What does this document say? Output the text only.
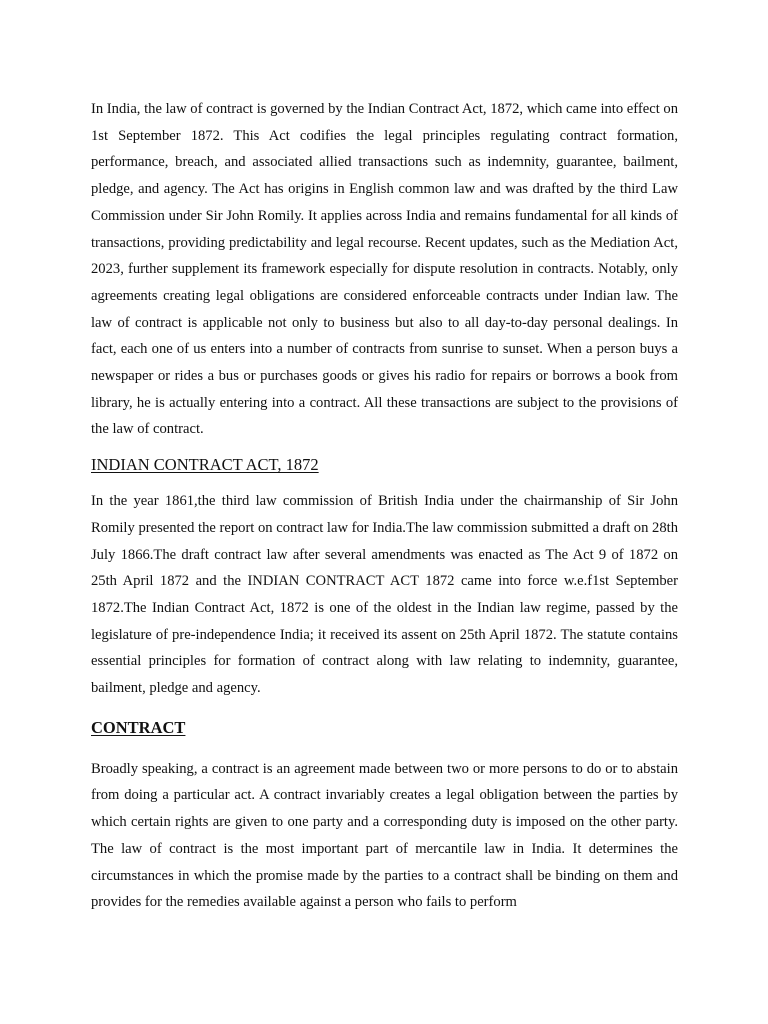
In India, the law of contract is governed by the Indian Contract Act, 1872, which came into effect on 1st September 1872. This Act codifies the legal principles regulating contract formation, performance, breach, and associated allied transactions such as indemnity, guarantee, bailment, pledge, and agency. The Act has origins in English common law and was drafted by the third Law Commission under Sir John Romily. It applies across India and remains fundamental for all kinds of transactions, providing predictability and legal recourse. Recent updates, such as the Mediation Act, 2023, further supplement its framework especially for dispute resolution in contracts. Notably, only agreements creating legal obligations are considered enforceable contracts under Indian law. The law of contract is applicable not only to business but also to all day-to-day personal dealings. In fact, each one of us enters into a number of contracts from sunrise to sunset. When a person buys a newspaper or rides a bus or purchases goods or gives his radio for repairs or borrows a book from library, he is actually entering into a contract. All these transactions are subject to the provisions of the law of contract.

INDIAN CONTRACT ACT, 1872

In the year 1861,the third law commission of British India under the chairmanship of Sir John Romily presented the report on contract law for India.The law commission submitted a draft on 28th July 1866.The draft contract law after several amendments was enacted as The Act 9 of 1872 on 25th April 1872 and the INDIAN CONTRACT ACT 1872 came into force w.e.f1st September 1872.The Indian Contract Act, 1872 is one of the oldest in the Indian law regime, passed by the legislature of pre-independence India; it received its assent on 25th April 1872. The statute contains essential principles for formation of contract along with law relating to indemnity, guarantee, bailment, pledge and agency.

CONTRACT

Broadly speaking, a contract is an agreement made between two or more persons to do or to abstain from doing a particular act. A contract invariably creates a legal obligation between the parties by which certain rights are given to one party and a corresponding duty is imposed on the other party. The law of contract is the most important part of mercantile law in India. It determines the circumstances in which the promise made by the parties to a contract shall be binding on them and provides for the remedies available against a person who fails to perform
